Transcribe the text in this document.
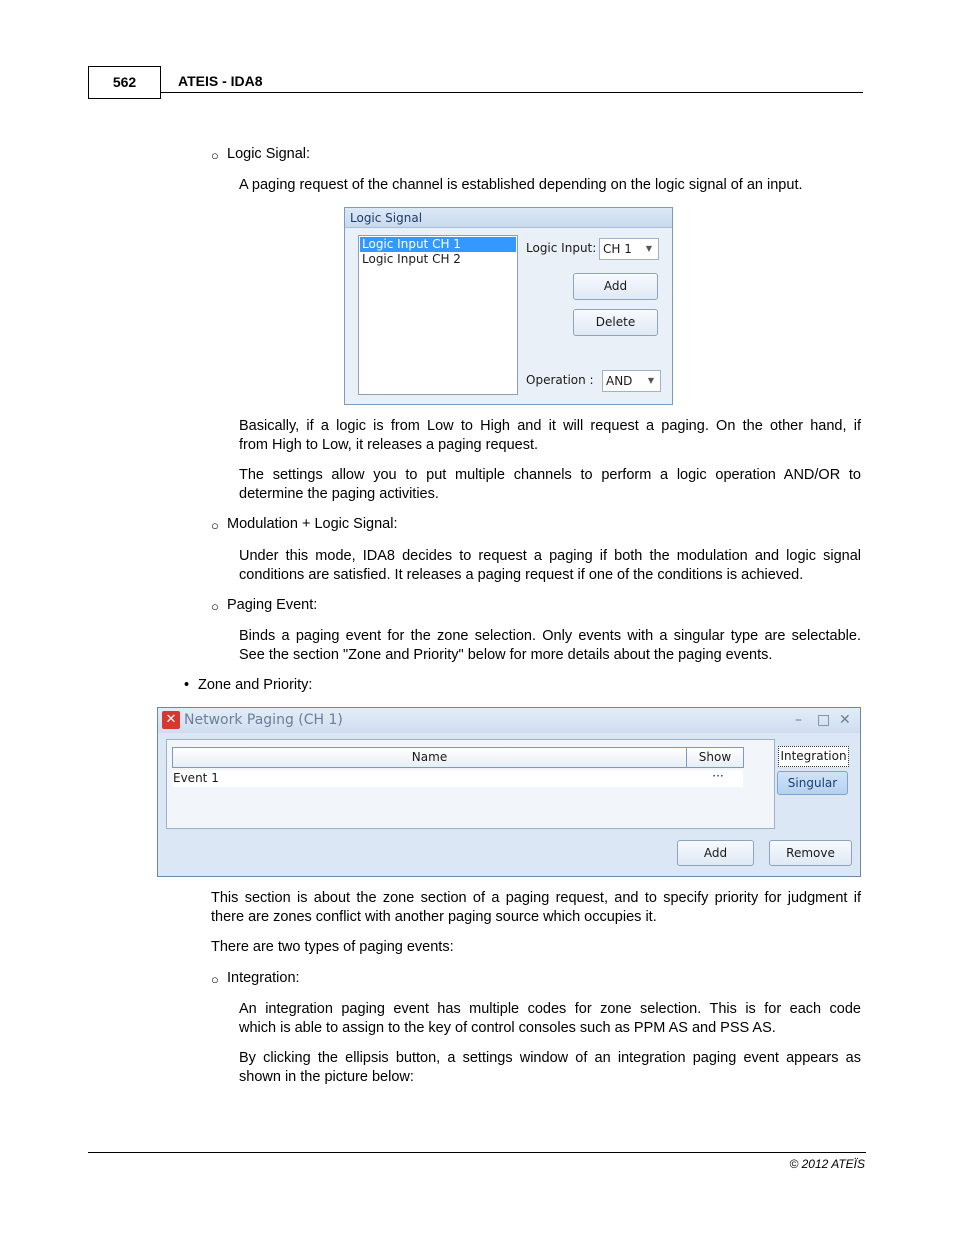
562	ATEIS - IDA8
○ Logic Signal:
A paging request of the channel is established depending on the logic signal of an input.
Logic Signal
Logic Input CH 1
Logic Input CH 2
Logic Input: CH 1 ▼
Add
Delete
Operation :	AND ▼
Basically, if a logic is from Low to High and it will request a paging. On the other hand, if
from High to Low, it releases a paging request.
The settings allow you to put multiple channels to perform a logic operation AND/OR to
determine the paging activities.
○ Modulation + Logic Signal:
Under this mode, IDA8 decides to request a paging if both the modulation and logic signal
conditions are satisfied. It releases a paging request if one of the conditions is achieved.
○ Paging Event:
Binds a paging event for the zone selection. Only events with a singular type are selectable.
See the section "Zone and Priority" below for more details about the paging events.
• Zone and Priority:
✕ Network Paging (CH 1)	– □ ✕
Name	Show
Event 1	···
Integration
Singular
Add	Remove
This section is about the zone section of a paging request, and to specify priority for judgment if
there are zones conflict with another paging source which occupies it.
There are two types of paging events:
○ Integration:
An integration paging event has multiple codes for zone selection. This is for each code
which is able to assign to the key of control consoles such as PPM AS and PSS AS.
By clicking the ellipsis button, a settings window of an integration paging event appears as
shown in the picture below:
© 2012 ATEÏS
